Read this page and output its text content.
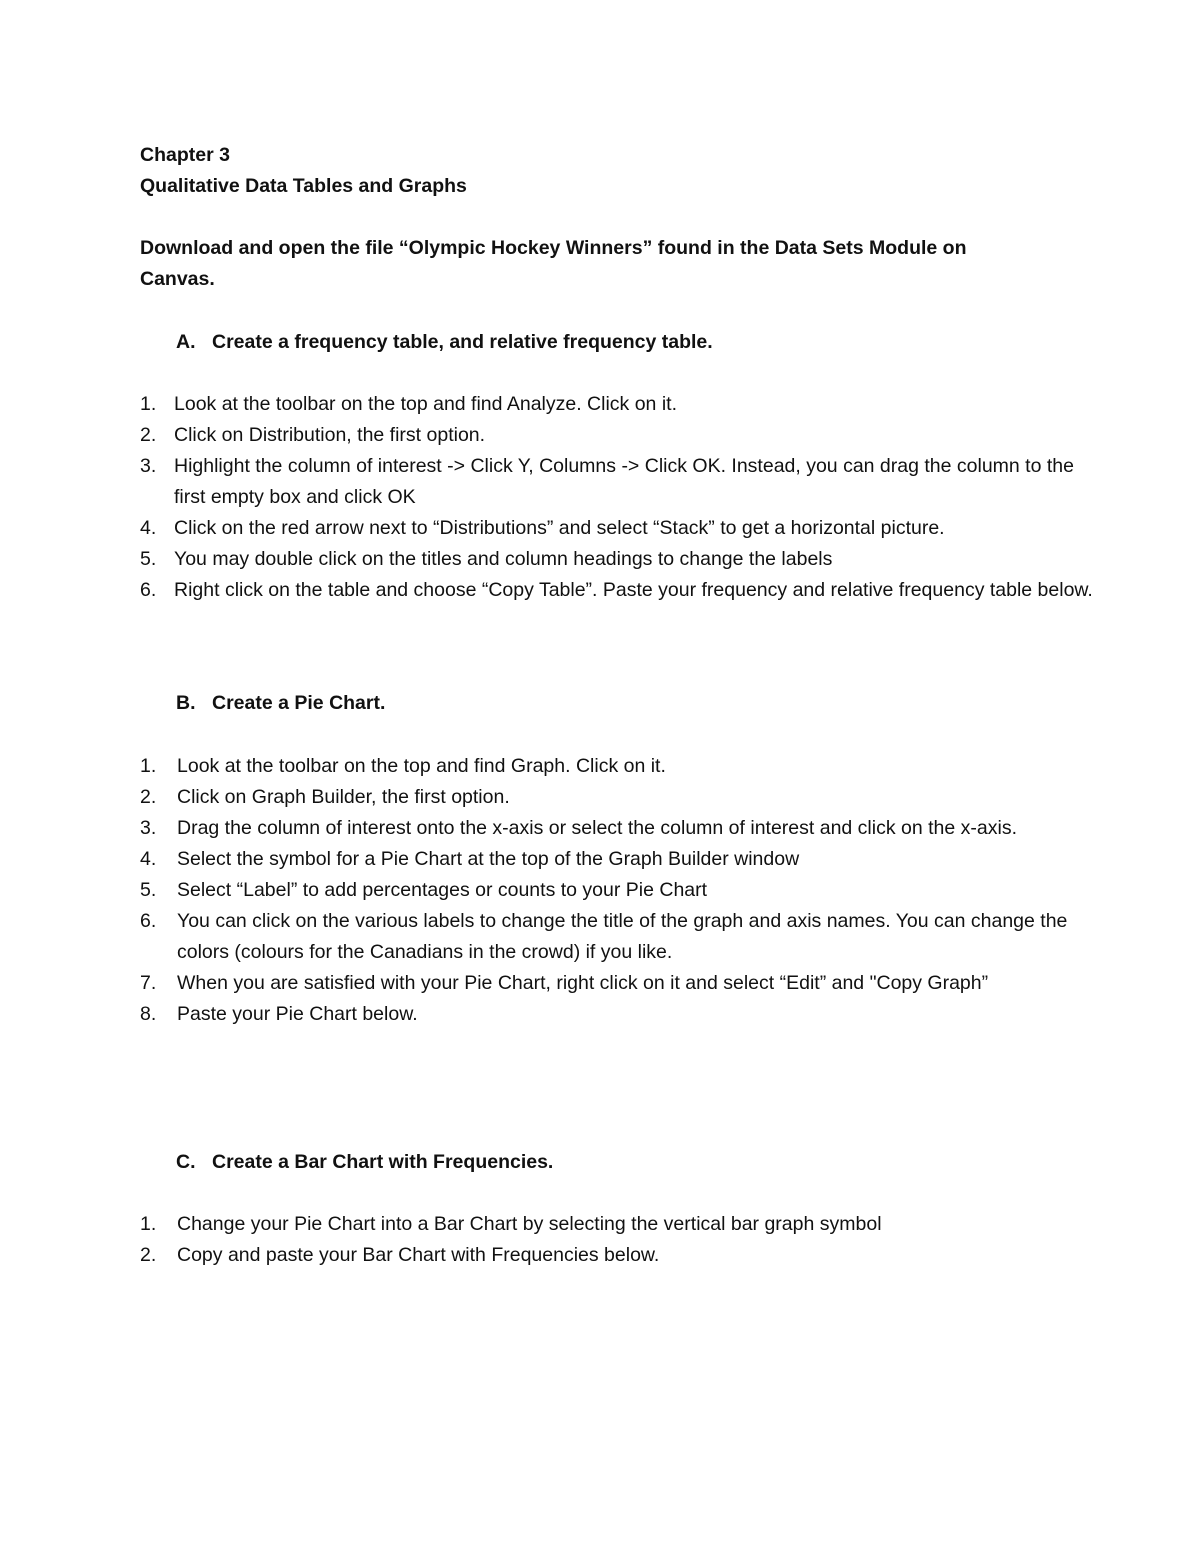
Chapter 3
Qualitative Data Tables and Graphs
Download and open the file “Olympic Hockey Winners” found in the Data Sets Module on
Canvas.
A. Create a frequency table, and relative frequency table.
1. Look at the toolbar on the top and find Analyze. Click on it.
2. Click on Distribution, the first option.
3. Highlight the column of interest -> Click Y, Columns -> Click OK. Instead, you can drag the column to the first empty box and click OK
4. Click on the red arrow next to “Distributions” and select “Stack” to get a horizontal picture.
5. You may double click on the titles and column headings to change the labels
6. Right click on the table and choose “Copy Table”. Paste your frequency and relative frequency table below.
B. Create a Pie Chart.
1.	Look at the toolbar on the top and find Graph. Click on it.
2.	Click on Graph Builder, the first option.
3.	Drag the column of interest onto the x-axis or select the column of interest and click on the x-axis.
4.	Select the symbol for a Pie Chart at the top of the Graph Builder window
5.	Select “Label” to add percentages or counts to your Pie Chart
6.	You can click on the various labels to change the title of the graph and axis names. You can change the colors (colours for the Canadians in the crowd) if you like.
7.	When you are satisfied with your Pie Chart, right click on it and select “Edit” and "Copy Graph”
8.	Paste your Pie Chart below.
C. Create a Bar Chart with Frequencies.
1.	Change your Pie Chart into a Bar Chart by selecting the vertical bar graph symbol
2.	Copy and paste your Bar Chart with Frequencies below.
